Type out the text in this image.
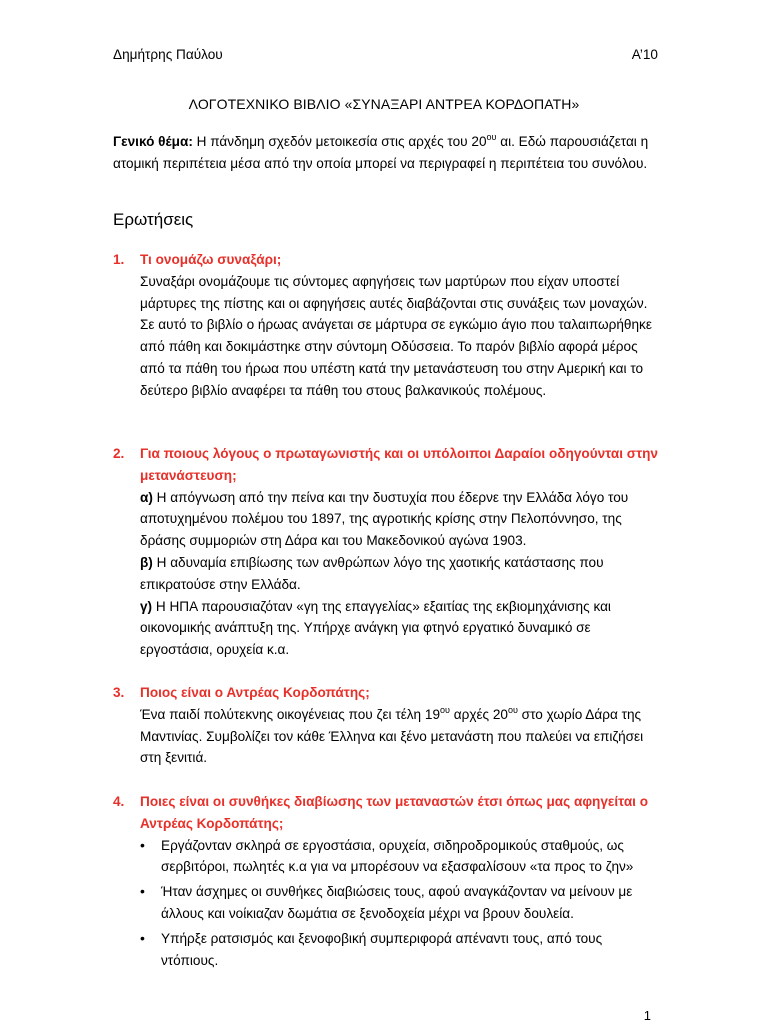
Δημήτρης Παύλου	Α’10
ΛΟΓΟΤΕΧΝΙΚΟ ΒΙΒΛΙΟ «ΣΥΝΑΞΑΡΙ ΑΝΤΡΕΑ ΚΟΡΔΟΠΑΤΗ»
Γενικό θέμα: Η πάνδημη σχεδόν μετοικεσία στις αρχές του $20^{o\upsilon}$ αι. Εδώ παρουσιάζεται η ατομική περιπέτεια μέσα από την οποία μπορεί να περιγραφεί η περιπέτεια του συνόλου.
Ερωτήσεις
1.	Τι ονομάζω συναξάρι;
Συναξάρι ονομάζουμε τις σύντομες αφηγήσεις των μαρτύρων που είχαν υποστεί μάρτυρες της πίστης και οι αφηγήσεις αυτές διαβάζονται στις συνάξεις των μοναχών. Σε αυτό το βιβλίο ο ήρωας ανάγεται σε μάρτυρα σε εγκώμιο άγιο που ταλαιπωρήθηκε από πάθη και δοκιμάστηκε στην σύντομη Οδύσσεια. Το παρόν βιβλίο αφορά μέρος από τα πάθη του ήρωα που υπέστη κατά την μετανάστευση του στην Αμερική και το δεύτερο βιβλίο αναφέρει τα πάθη του στους βαλκανικούς πολέμους.
2.	Για ποιους λόγους ο πρωταγωνιστής και οι υπόλοιποι Δαραίοι οδηγούνται στην μετανάστευση;
α) Η απόγνωση από την πείνα και την δυστυχία που έδερνε την Ελλάδα λόγο του αποτυχημένου πολέμου του 1897, της αγροτικής κρίσης στην Πελοπόννησο, της δράσης συμμοριών στη Δάρα και του Μακεδονικού αγώνα 1903.
β) Η αδυναμία επιβίωσης των ανθρώπων λόγο της χαοτικής κατάστασης που επικρατούσε στην Ελλάδα.
γ) Η ΗΠΑ παρουσιαζόταν «γη της επαγγελίας» εξαιτίας της εκβιομηχάνισης και οικονομικής ανάπτυξη της. Υπήρχε ανάγκη για φτηνό εργατικό δυναμικό σε εργοστάσια, ορυχεία κ.α.
3.	Ποιος είναι ο Αντρέας Κορδοπάτης;
Ένα παιδί πολύτεκνης οικογένειας που ζει τέλη $19^{o\upsilon}$ αρχές $20^{o\upsilon}$ στο χωρίο Δάρα της Μαντινίας. Συμβολίζει τον κάθε Έλληνα και ξένο μετανάστη που παλεύει να επιζήσει στη ξενιτιά.
4.	Ποιες είναι οι συνθήκες διαβίωσης των μεταναστών έτσι όπως μας αφηγείται ο Αντρέας Κορδοπάτης;
• Εργάζονταν σκληρά σε εργοστάσια, ορυχεία, σιδηροδρομικούς σταθμούς, ως σερβιτόροι, πωλητές κ.α για να μπορέσουν να εξασφαλίσουν «τα προς το ζην»
• Ήταν άσχημες οι συνθήκες διαβιώσεις τους, αφού αναγκάζονταν να μείνουν με άλλους και νοίκιαζαν δωμάτια σε ξενοδοχεία μέχρι να βρουν δουλεία.
• Υπήρξε ρατσισμός και ξενοφοβική συμπεριφορά απέναντι τους, από τους ντόπιους.
1
